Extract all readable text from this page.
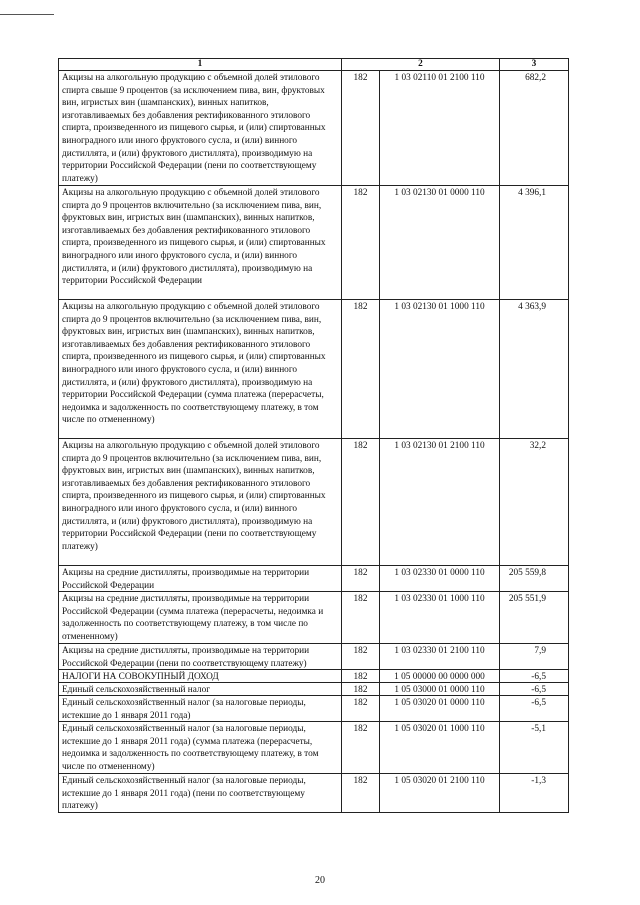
1	2		3

Акцизы на алкогольную продукцию с объемной долей этилового спирта свыше 9 процентов (за исключением пива, вин, фруктовых вин, игристых вин (шампанских), винных напитков, изготавливаемых без добавления ректификованного этилового спирта, произведенного из пищевого сырья, и (или) спиртованных виноградного или иного фруктового сусла, и (или) винного дистиллята, и (или) фруктового дистиллята), производимую на территории Российской Федерации (пени по соответствующему платежу)	182	1 03 02110 01 2100 110	682,2

Акцизы на алкогольную продукцию с объемной долей этилового спирта до 9 процентов включительно (за исключением пива, вин, фруктовых вин, игристых вин (шампанских), винных напитков, изготавливаемых без добавления ректификованного этилового спирта, произведенного из пищевого сырья, и (или) спиртованных виноградного или иного фруктового сусла, и (или) винного дистиллята, и (или) фруктового дистиллята), производимую на территории Российской Федерации	182	1 03 02130 01 0000 110	4 396,1

Акцизы на алкогольную продукцию с объемной долей этилового спирта до 9 процентов включительно (за исключением пива, вин, фруктовых вин, игристых вин (шампанских), винных напитков, изготавливаемых без добавления ректификованного этилового спирта, произведенного из пищевого сырья, и (или) спиртованных виноградного или иного фруктового сусла, и (или) винного дистиллята, и (или) фруктового дистиллята), производимую на территории Российской Федерации (сумма платежа (перерасчеты, недоимка и задолженность по соответствующему платежу, в том числе по отмененному)	182	1 03 02130 01 1000 110	4 363,9

Акцизы на алкогольную продукцию с объемной долей этилового спирта до 9 процентов включительно (за исключением пива, вин, фруктовых вин, игристых вин (шампанских), винных напитков, изготавливаемых без добавления ректификованного этилового спирта, произведенного из пищевого сырья, и (или) спиртованных виноградного или иного фруктового сусла, и (или) винного дистиллята, и (или) фруктового дистиллята), производимую на территории Российской Федерации (пени по соответствующему платежу)	182	1 03 02130 01 2100 110	32,2

Акцизы на средние дистилляты, производимые на территории Российской Федерации	182	1 03 02330 01 0000 110	205 559,8

Акцизы на средние дистилляты, производимые на территории Российской Федерации (сумма платежа (перерасчеты, недоимка и задолженность по соответствующему платежу, в том числе по отмененному)	182	1 03 02330 01 1000 110	205 551,9

Акцизы на средние дистилляты, производимые на территории Российской Федерации (пени по соответствующему платежу)	182	1 03 02330 01 2100 110	7,9

НАЛОГИ НА СОВОКУПНЫЙ ДОХОД	182	1 05 00000 00 0000 000	-6,5

Единый сельскохозяйственный налог	182	1 05 03000 01 0000 110	-6,5

Единый сельскохозяйственный налог (за налоговые периоды, истекшие до 1 января 2011 года)	182	1 05 03020 01 0000 110	-6,5

Единый сельскохозяйственный налог (за налоговые периоды, истекшие до 1 января 2011 года) (сумма платежа (перерасчеты, недоимка и задолженность по соответствующему платежу, в том числе по отмененному)	182	1 05 03020 01 1000 110	-5,1

Единый сельскохозяйственный налог (за налоговые периоды, истекшие до 1 января 2011 года) (пени по соответствующему платежу)	182	1 05 03020 01 2100 110	-1,3
20
